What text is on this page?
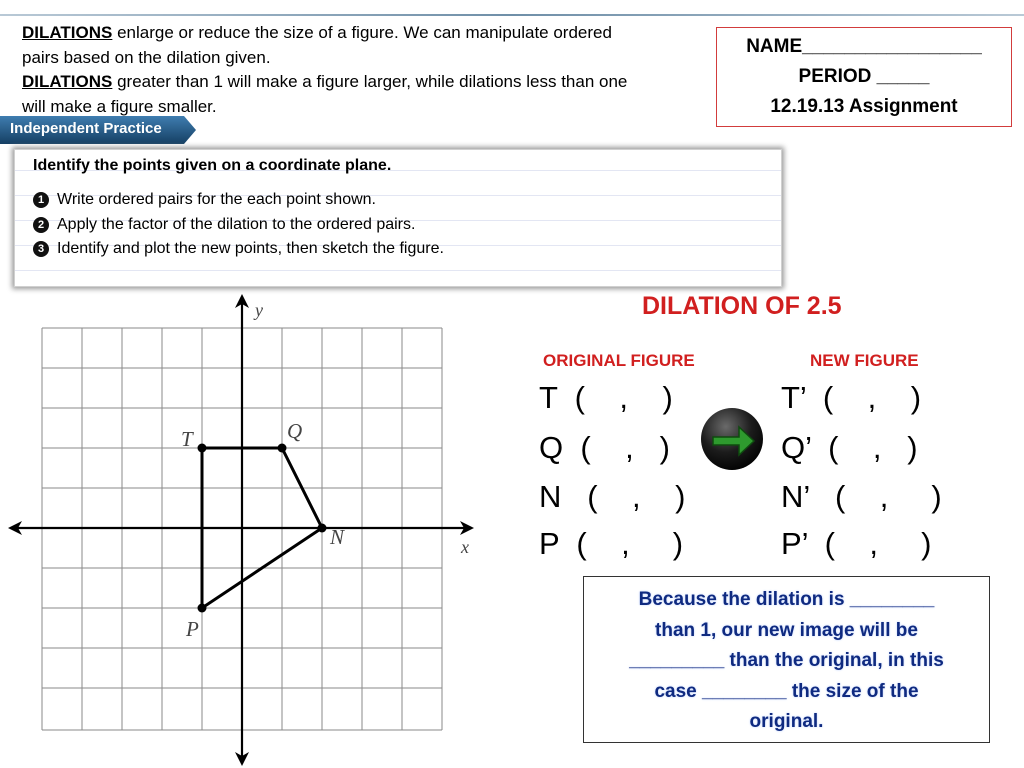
DILATIONS enlarge or reduce the size of a figure. We can manipulate ordered pairs based on the dilation given.

DILATIONS greater than 1 will make a figure larger, while dilations less than one will make a figure smaller.

NAME_________________
PERIOD _____
12.19.13 Assignment
Independent Practice
Identify the points given on a coordinate plane.
1 Write ordered pairs for the each point shown.
2 Apply the factor of the dilation to the ordered pairs.
3 Identify and plot the new points, then sketch the figure.
x
y
T	Q
N
P
DILATION OF 2.5
ORIGINAL FIGURE	NEW FIGURE
T  (    ,    )
Q  (    ,   )
N   (    ,    )
P  (    ,     )
T’  (    ,    )
Q’  (    ,   )
N’   (    ,     )
P’  (    ,     )
Because the dilation is ________
than 1, our new image will be
_________ than the original, in this
case ________ the size of the
original.
